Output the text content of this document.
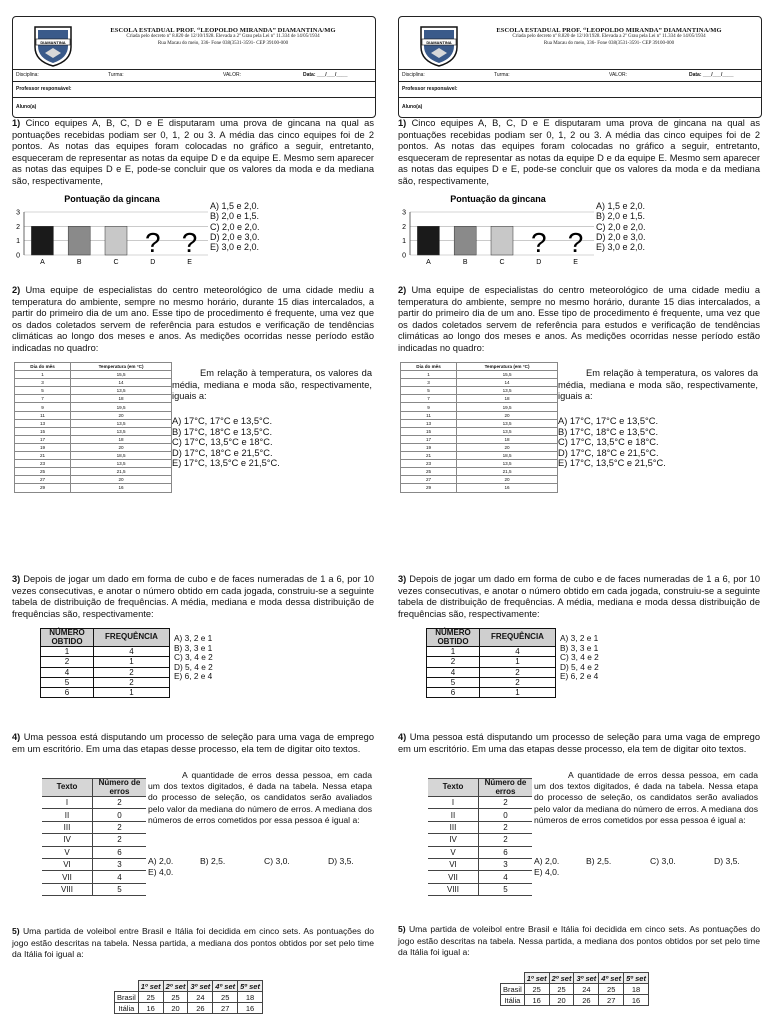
DIAMANTINA
ESCOLA ESTADUAL PROF. “LEOPOLDO MIRANDA” DIAMANTINA/MG
Criada pelo decreto nº 8.820 de 12/10/1928. Elevada a 2º Grau pela Lei nº 11.334 de 14/05/1934
Rua Macau do meio, 336- Fone 038(3531-3591- CEP 39100-000
Disciplina:	Turma:	VALOR:	Data: ___/___/____
Professor responsável:
Aluno(a)
1) Cinco equipes A, B, C, D e E disputaram uma prova de gincana na qual as pontuações recebidas podiam ser 0, 1, 2 ou 3. A média das cinco equipes foi de 2 pontos. As notas das equipes foram colocadas no gráfico a seguir, entretanto, esqueceram de representar as notas da equipe D e da equipe E. Mesmo sem aparecer as notas das equipes D e E, pode-se concluir que os valores da moda e da mediana são, respectivamente,
Pontuação da gincana
0
1
2
3
? ?
A	B	C	D	E
A) 1,5 e 2,0.
B) 2,0 e 1,5.
C) 2,0 e 2,0.
D) 2,0 e 3,0.
E) 3,0 e 2,0.
2) Uma equipe de especialistas do centro meteorológico de uma cidade mediu a temperatura do ambiente, sempre no mesmo horário, durante 15 dias intercalados, a partir do primeiro dia de um ano. Esse tipo de procedimento é frequente, uma vez que os dados coletados servem de referência para estudos e verificação de tendências climáticas ao longo dos meses e anos. As medições ocorridas nesse período estão indicadas no quadro:
Dia do mês	Temperatura (em °C)
1	15,5
3	14
5	13,5
7	18
9	19,5
11	20
13	13,5
15	13,5
17	18
19	20
21	18,5
23	13,5
25	21,5
27	20
29	16
Em relação à temperatura, os valores da média, mediana e moda são, respectivamente, iguais a:
A) 17°C, 17°C e 13,5°C.
B) 17°C, 18°C e 13,5°C.
C) 17°C, 13,5°C e 18°C.
D) 17°C, 18°C e 21,5°C.
E) 17°C, 13,5°C e 21,5°C.
3) Depois de jogar um dado em forma de cubo e de faces numeradas de 1 a 6, por 10 vezes consecutivas, e anotar o número obtido em cada jogada, construiu-se a seguinte tabela de distribuição de frequências. A média, mediana e moda dessa distribuição de frequências são, respectivamente:
NÚMERO OBTIDO	FREQUÊNCIA
1	4
2	1
4	2
5	2
6	1
A) 3, 2 e 1
B) 3, 3 e 1
C) 3, 4 e 2
D) 5, 4 e 2
E) 6, 2 e 4
4) Uma pessoa está disputando um processo de seleção para uma vaga de emprego em um escritório. Em uma das etapas desse processo, ela tem de digitar oito textos.
Texto	Número de erros
I	2
II	0
III	2
IV	2
V	6
VI	3
VII	4
VIII	5
A quantidade de erros dessa pessoa, em cada um dos textos digitados, é dada na tabela. Nessa etapa do processo de seleção, os candidatos serão avaliados pelo valor da mediana do número de erros. A mediana dos números de erros cometidos por essa pessoa é igual a:
A) 2,0.	B) 2,5.	C) 3,0.	D) 3,5.
E) 4,0.
5) Uma partida de voleibol entre Brasil e Itália foi decidida em cinco sets. As pontuações do jogo estão descritas na tabela. Nessa partida, a mediana dos pontos obtidos por set pelo time da Itália foi igual a:
	1º set	2º set	3º set	4º set	5º set
Brasil	25	25	24	25	18
Itália	16	20	26	27	16
DIAMANTINA
ESCOLA ESTADUAL PROF. “LEOPOLDO MIRANDA” DIAMANTINA/MG
Criada pelo decreto nº 8.820 de 12/10/1928. Elevada a 2º Grau pela Lei nº 11.334 de 14/05/1934
Rua Macau do meio, 336- Fone 038(3531-3591- CEP 39100-000
Disciplina:	Turma:	VALOR:	Data: ___/___/____
Professor responsável:
Aluno(a)
1) Cinco equipes A, B, C, D e E disputaram uma prova de gincana na qual as pontuações recebidas podiam ser 0, 1, 2 ou 3. A média das cinco equipes foi de 2 pontos. As notas das equipes foram colocadas no gráfico a seguir, entretanto, esqueceram de representar as notas da equipe D e da equipe E. Mesmo sem aparecer as notas das equipes D e E, pode-se concluir que os valores da moda e da mediana são, respectivamente,
Pontuação da gincana
0
1
2
3
? ?
A	B	C	D	E
A) 1,5 e 2,0.
B) 2,0 e 1,5.
C) 2,0 e 2,0.
D) 2,0 e 3,0.
E) 3,0 e 2,0.
2) Uma equipe de especialistas do centro meteorológico de uma cidade mediu a temperatura do ambiente, sempre no mesmo horário, durante 15 dias intercalados, a partir do primeiro dia de um ano. Esse tipo de procedimento é frequente, uma vez que os dados coletados servem de referência para estudos e verificação de tendências climáticas ao longo dos meses e anos. As medições ocorridas nesse período estão indicadas no quadro:
Dia do mês	Temperatura (em °C)
1	15,5
3	14
5	13,5
7	18
9	19,5
11	20
13	13,5
15	13,5
17	18
19	20
21	18,5
23	13,5
25	21,5
27	20
29	16
Em relação à temperatura, os valores da média, mediana e moda são, respectivamente, iguais a:
A) 17°C, 17°C e 13,5°C.
B) 17°C, 18°C e 13,5°C.
C) 17°C, 13,5°C e 18°C.
D) 17°C, 18°C e 21,5°C.
E) 17°C, 13,5°C e 21,5°C.
3) Depois de jogar um dado em forma de cubo e de faces numeradas de 1 a 6, por 10 vezes consecutivas, e anotar o número obtido em cada jogada, construiu-se a seguinte tabela de distribuição de frequências. A média, mediana e moda dessa distribuição de frequências são, respectivamente:
NÚMERO OBTIDO	FREQUÊNCIA
1	4
2	1
4	2
5	2
6	1
A) 3, 2 e 1
B) 3, 3 e 1
C) 3, 4 e 2
D) 5, 4 e 2
E) 6, 2 e 4
4) Uma pessoa está disputando um processo de seleção para uma vaga de emprego em um escritório. Em uma das etapas desse processo, ela tem de digitar oito textos.
Texto	Número de erros
I	2
II	0
III	2
IV	2
V	6
VI	3
VII	4
VIII	5
A quantidade de erros dessa pessoa, em cada um dos textos digitados, é dada na tabela. Nessa etapa do processo de seleção, os candidatos serão avaliados pelo valor da mediana do número de erros. A mediana dos números de erros cometidos por essa pessoa é igual a:
A) 2,0.	B) 2,5.	C) 3,0.	D) 3,5.
E) 4,0.
5) Uma partida de voleibol entre Brasil e Itália foi decidida em cinco sets. As pontuações do jogo estão descritas na tabela. Nessa partida, a mediana dos pontos obtidos por set pelo time da Itália foi igual a:
	1º set	2º set	3º set	4º set	5º set
Brasil	25	25	24	25	18
Itália	16	20	26	27	16
